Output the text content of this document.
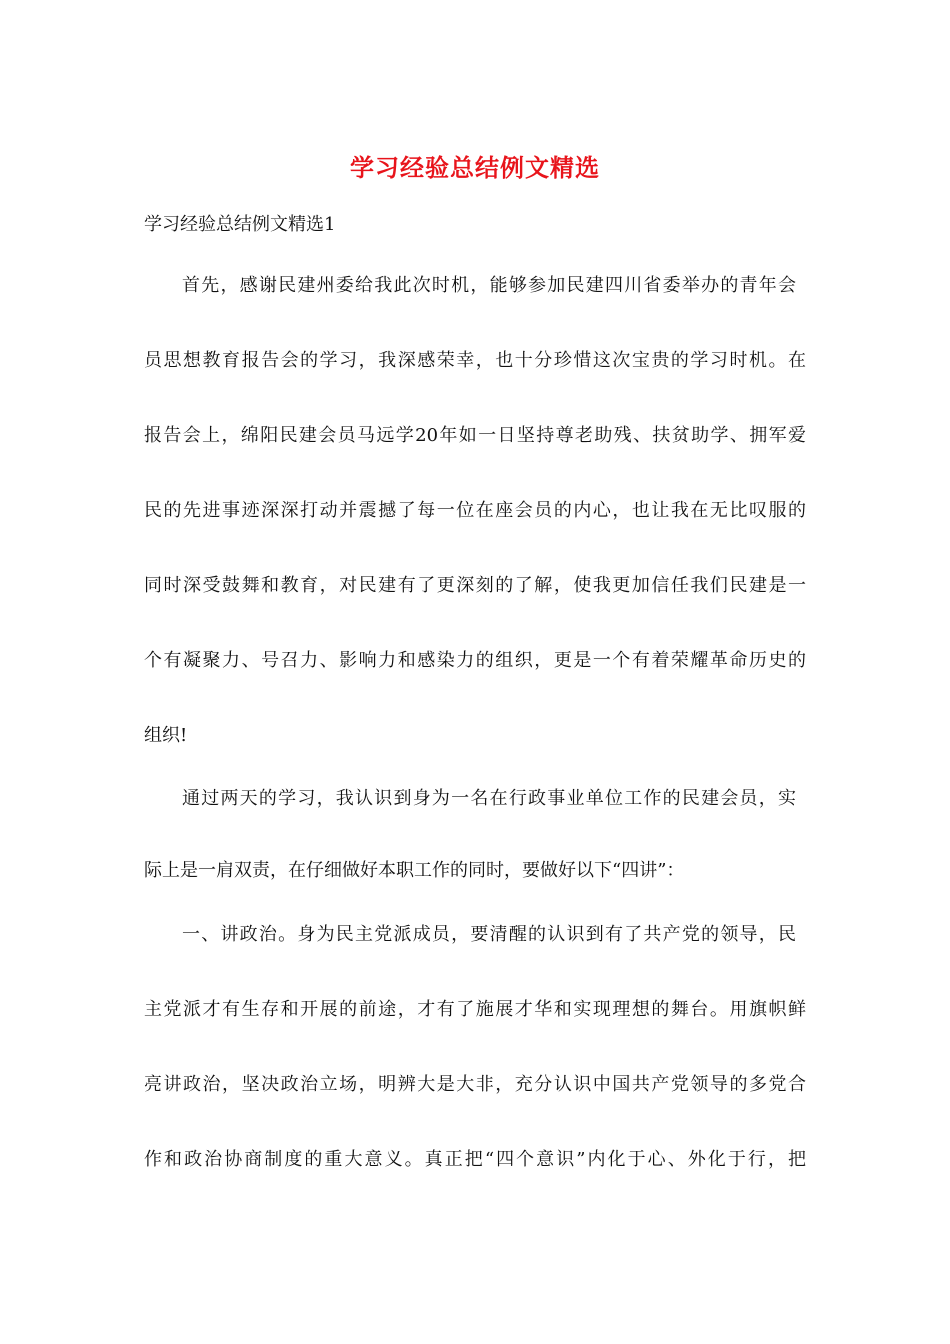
学习经验总结例文精选
学习经验总结例文精选1
首先，感谢民建州委给我此次时机，能够参加民建四川省委举办的青年会
员思想教育报告会的学习，我深感荣幸，也十分珍惜这次宝贵的学习时机。在
报告会上，绵阳民建会员马远学20年如一日坚持尊老助残、扶贫助学、拥军爱
民的先进事迹深深打动并震撼了每一位在座会员的内心，也让我在无比叹服的
同时深受鼓舞和教育，对民建有了更深刻的了解，使我更加信任我们民建是一
个有凝聚力、号召力、影响力和感染力的组织，更是一个有着荣耀革命历史的
组织!
通过两天的学习，我认识到身为一名在行政事业单位工作的民建会员，实
际上是一肩双责，在仔细做好本职工作的同时，要做好以下“四讲”：
一、讲政治。身为民主党派成员，要清醒的认识到有了共产党的领导，民
主党派才有生存和开展的前途，才有了施展才华和实现理想的舞台。用旗帜鲜
亮讲政治，坚决政治立场，明辨大是大非，充分认识中国共产党领导的多党合
作和政治协商制度的重大意义。真正把“四个意识”内化于心、外化于行，把
